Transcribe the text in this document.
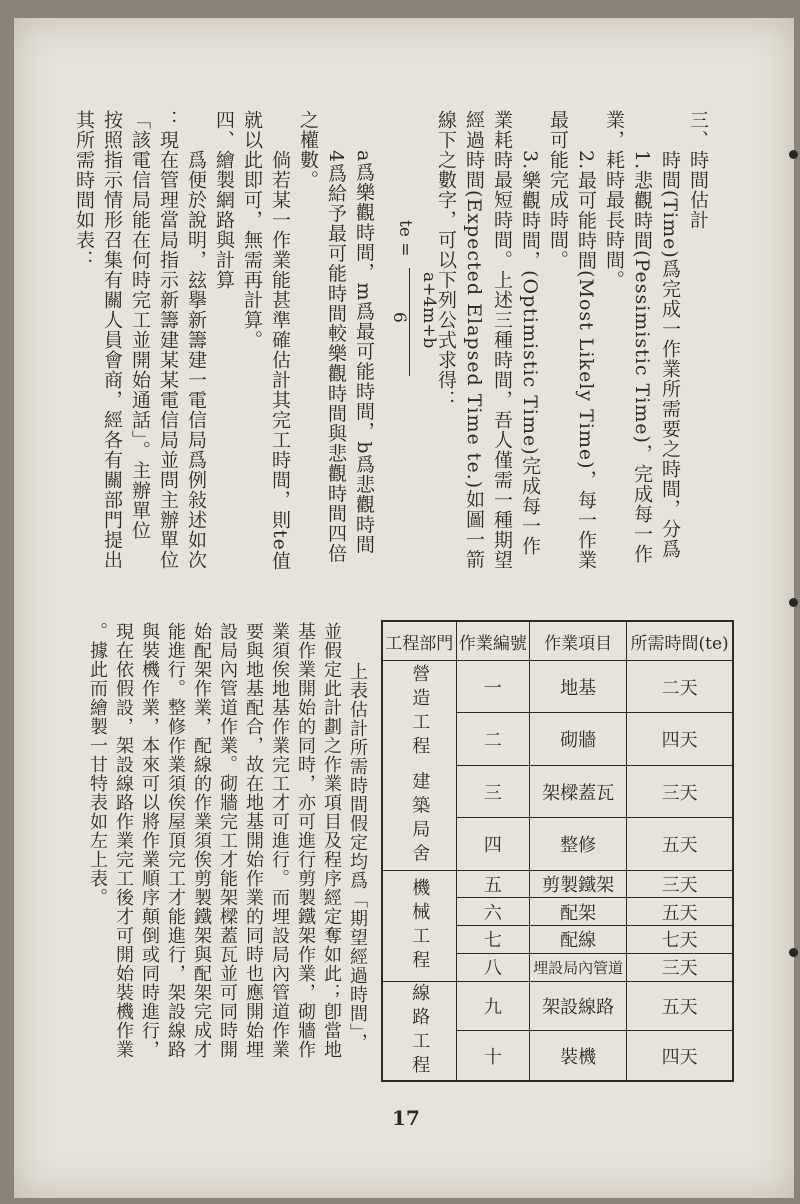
三、時間估計
時間(Time)爲完成一作業所需要之時間，分爲
1.悲觀時間(Pessimistic Time)，完成每一作
業，耗時最長時間。
2.最可能時間(Most Likely Time)，每一作業
最可能完成時間。
3.樂觀時間，(Optimistic Time)完成每一作
業耗時最短時間。上述三種時間，吾人僅需一種期望
經過時間(Expected Elapsed Time te.)如圖一箭
線下之數字，可以下列公式求得：
te =
a+4m+b
6
a爲樂觀時間，m爲最可能時間，b爲悲觀時間
4爲給予最可能時間較樂觀時間與悲觀時間四倍
之權數。
倘若某一作業能甚準確估計其完工時間，則te值
就以此即可，無需再計算。
四、繪製網路與計算
爲便於說明，玆擧新籌建一電信局爲例敍述如次
：現在管理當局指示新籌建某某電信局並問主辦單位
「該電信局能在何時完工並開始通話」。主辦單位
按照指示情形召集有關人員會商，經各有關部門提出
其所需時間如表：
工程部門	作業編號	作業項目	所需時間(te)
營造工程 建築局舍	一	地基	二天
	二	砌牆	四天
	三	架樑蓋瓦	三天
	四	整修	五天
機械工程	五	剪製鐵架	三天
	六	配架	五天
	七	配線	七天
	八	埋設局內管道	三天
線路工程	九	架設線路	五天
	十	裝機	四天
上表估計所需時間假定均爲「期望經過時間」，
並假定此計劃之作業項目及程序經定奪如此；卽當地
基作業開始的同時，亦可進行剪製鐵架作業，砌牆作
業須俟地基作業完工才可進行。而埋設局內管道作業
要與地基配合，故在地基開始作業的同時也應開始埋
設局內管道作業。砌牆完工才能架樑蓋瓦並可同時開
始配架作業，配線的作業須俟剪製鐵架與配架完成才
能進行。整修作業須俟屋頂完工才能進行，架設線路
與裝機作業，本來可以將作業順序顛倒或同時進行，
現在依假設，架設線路作業完工後才可開始裝機作業
。據此而繪製一甘特表如左上表。
17
